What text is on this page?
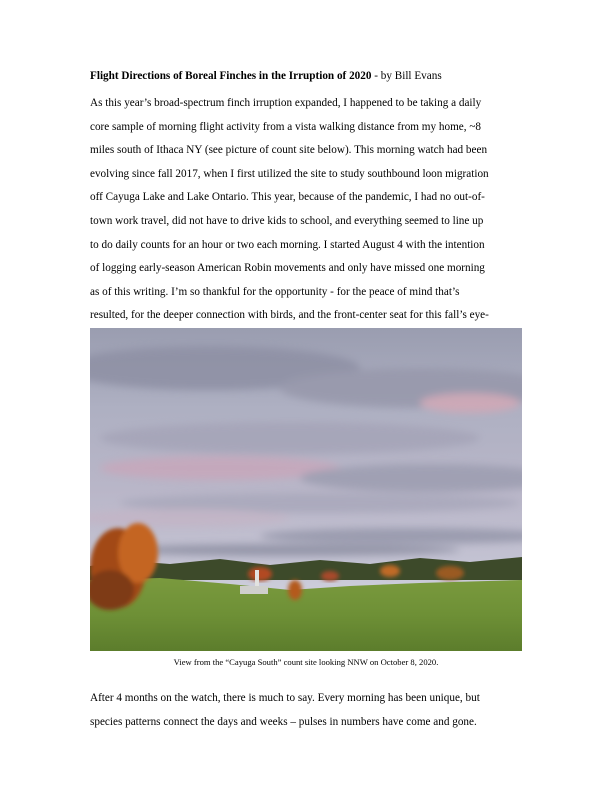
Flight Directions of Boreal Finches in the Irruption of 2020 - by Bill Evans

As this year’s broad-spectrum finch irruption expanded, I happened to be taking a daily

core sample of morning flight activity from a vista walking distance from my home, ~8

miles south of Ithaca NY (see picture of count site below). This morning watch had been

evolving since fall 2017, when I first utilized the site to study southbound loon migration

off Cayuga Lake and Lake Ontario. This year, because of the pandemic, I had no out-of-

town work travel, did not have to drive kids to school, and everything seemed to line up

to do daily counts for an hour or two each morning. I started August 4 with the intention

of logging early-season American Robin movements and only have missed one morning

as of this writing. I’m so thankful for the opportunity - for the peace of mind that’s

resulted, for the deeper connection with birds, and the front-center seat for this fall’s eye-

View from the “Cayuga South” count site looking NNW on October 8, 2020.

After 4 months on the watch, there is much to say. Every morning has been unique, but

species patterns connect the days and weeks – pulses in numbers have come and gone.
